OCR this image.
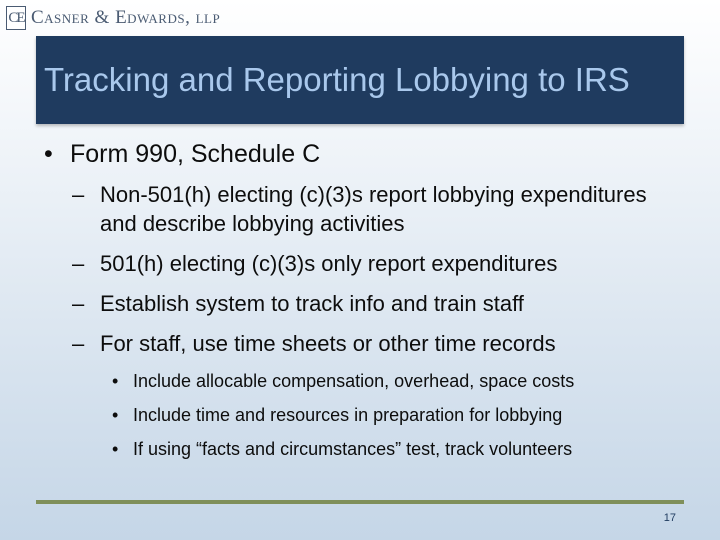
CE Casner & Edwards, llp
Tracking and Reporting Lobbying to IRS
• Form 990, Schedule C
– Non-501(h) electing (c)(3)s report lobbying expenditures and describe lobbying activities
– 501(h) electing (c)(3)s only report expenditures
– Establish system to track info and train staff
– For staff, use time sheets or other time records
• Include allocable compensation, overhead, space costs
• Include time and resources in preparation for lobbying
• If using “facts and circumstances” test, track volunteers
17
